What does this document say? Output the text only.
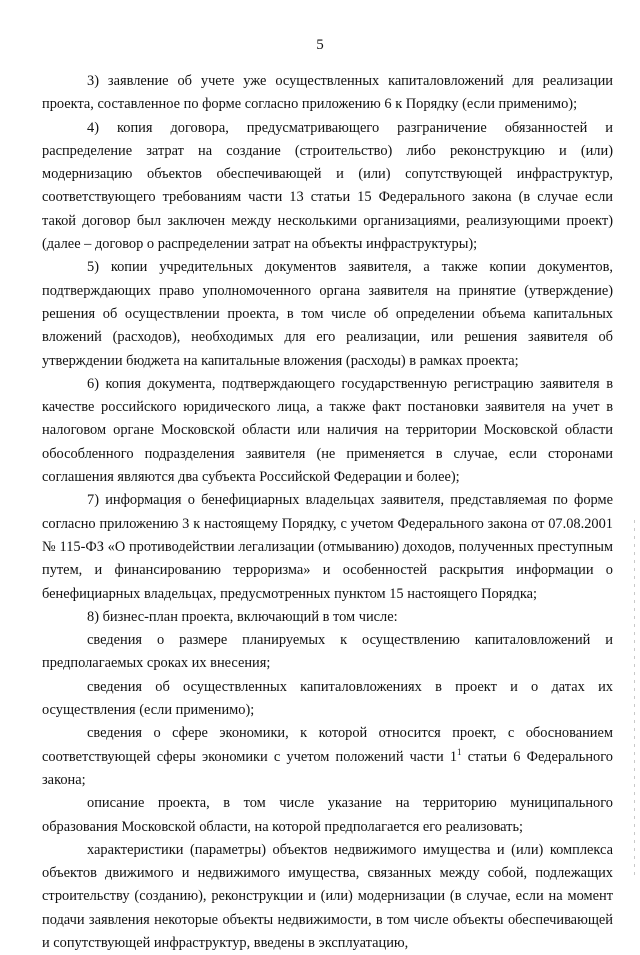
5

3) заявление об учете уже осуществленных капиталовложений для реализации проекта, составленное по форме согласно приложению 6 к Порядку (если применимо);

4) копия договора, предусматривающего разграничение обязанностей и распределение затрат на создание (строительство) либо реконструкцию и (или) модернизацию объектов обеспечивающей и (или) сопутствующей инфраструктур, соответствующего требованиям части 13 статьи 15 Федерального закона (в случае если такой договор был заключен между несколькими организациями, реализующими проект) (далее – договор о распределении затрат на объекты инфраструктуры);

5) копии учредительных документов заявителя, а также копии документов, подтверждающих право уполномоченного органа заявителя на принятие (утверждение) решения об осуществлении проекта, в том числе об определении объема капитальных вложений (расходов), необходимых для его реализации, или решения заявителя об утверждении бюджета на капитальные вложения (расходы) в рамках проекта;

6) копия документа, подтверждающего государственную регистрацию заявителя в качестве российского юридического лица, а также факт постановки заявителя на учет в налоговом органе Московской области или наличия на территории Московской области обособленного подразделения заявителя (не применяется в случае, если сторонами соглашения являются два субъекта Российской Федерации и более);

7) информация о бенефициарных владельцах заявителя, представляемая по форме согласно приложению 3 к настоящему Порядку, с учетом Федерального закона от 07.08.2001 № 115-ФЗ «О противодействии легализации (отмыванию) доходов, полученных преступным путем, и финансированию терроризма» и особенностей раскрытия информации о бенефициарных владельцах, предусмотренных пунктом 15 настоящего Порядка;

8) бизнес-план проекта, включающий в том числе:

сведения о размере планируемых к осуществлению капиталовложений и предполагаемых сроках их внесения;

сведения об осуществленных капиталовложениях в проект и о датах их осуществления (если применимо);

сведения о сфере экономики, к которой относится проект, с обоснованием соответствующей сферы экономики с учетом положений части $1^1$ статьи 6 Федерального закона;

описание проекта, в том числе указание на территорию муниципального образования Московской области, на которой предполагается его реализовать;

характеристики (параметры) объектов недвижимого имущества и (или) комплекса объектов движимого и недвижимого имущества, связанных между собой, подлежащих строительству (созданию), реконструкции и (или) модернизации (в случае, если на момент подачи заявления некоторые объекты недвижимости, в том числе объекты обеспечивающей и сопутствующей инфраструктур, введены в эксплуатацию,
